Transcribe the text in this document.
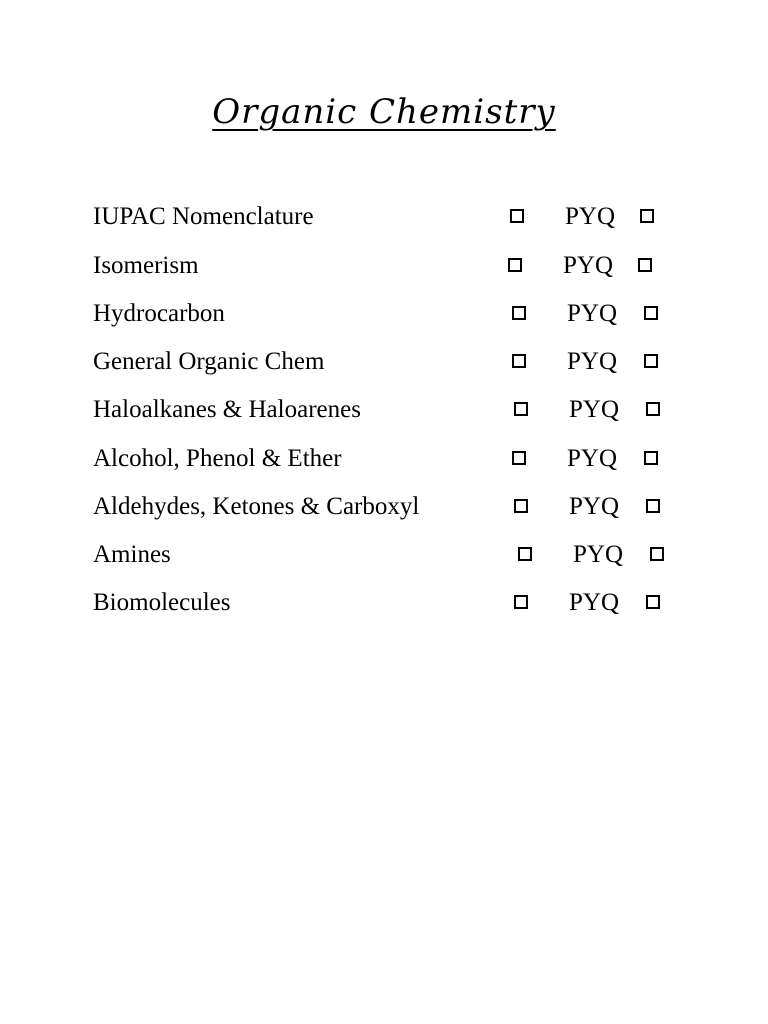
Organic Chemistry
IUPAC Nomenclature	PYQ
Isomerism	PYQ
Hydrocarbon	PYQ
General Organic Chem	PYQ
Haloalkanes & Haloarenes	PYQ
Alcohol, Phenol & Ether	PYQ
Aldehydes, Ketones & Carboxyl	PYQ
Amines	PYQ
Biomolecules	PYQ
